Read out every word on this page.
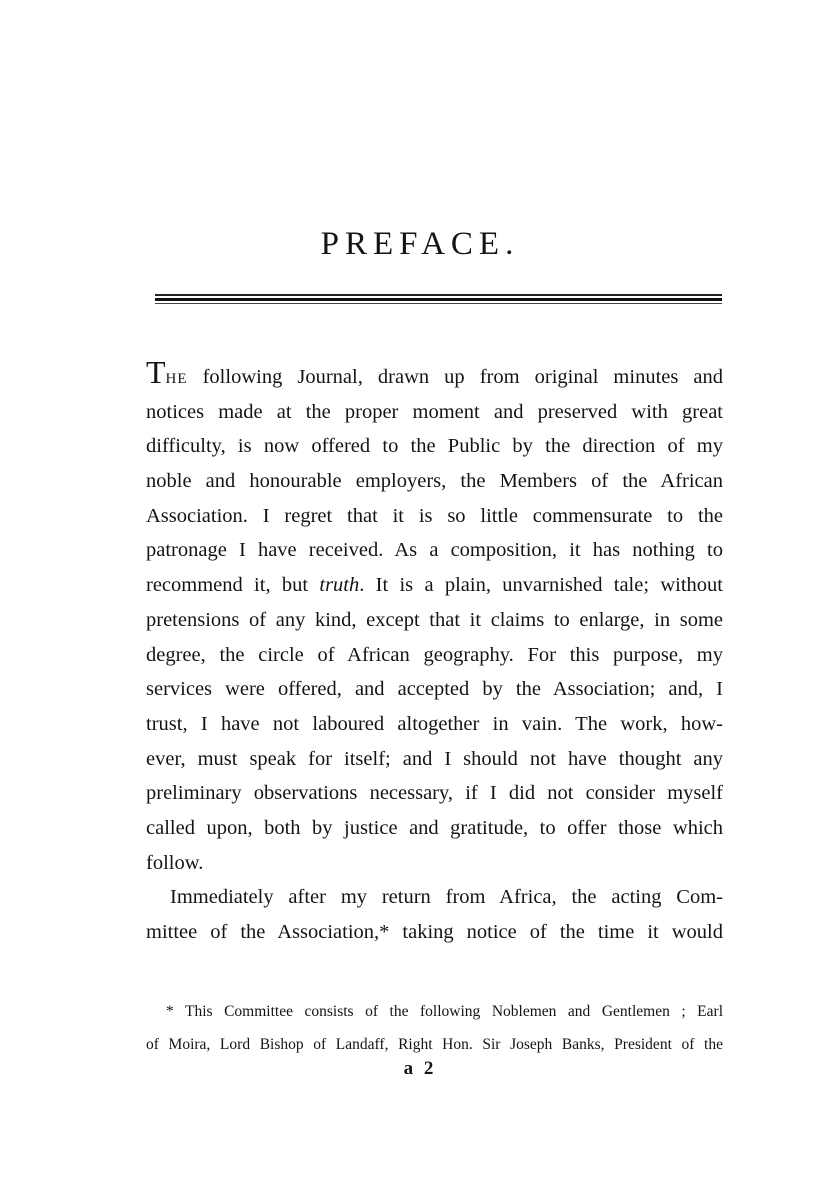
PREFACE.
THE following Journal, drawn up from original minutes and
notices made at the proper moment and preserved with great
difficulty, is now offered to the Public by the direction of my
noble and honourable employers, the Members of the African
Association. I regret that it is so little commensurate to the
patronage I have received. As a composition, it has nothing to
recommend it, but truth. It is a plain, unvarnished tale; without
pretensions of any kind, except that it claims to enlarge, in some
degree, the circle of African geography. For this purpose, my
services were offered, and accepted by the Association; and, I
trust, I have not laboured altogether in vain. The work, how-
ever, must speak for itself; and I should not have thought any
preliminary observations necessary, if I did not consider myself
called upon, both by justice and gratitude, to offer those which
follow.
Immediately after my return from Africa, the acting Com-
mittee of the Association,* taking notice of the time it would
* This Committee consists of the following Noblemen and Gentlemen ; Earl
of Moira, Lord Bishop of Landaff, Right Hon. Sir Joseph Banks, President of the
a 2
